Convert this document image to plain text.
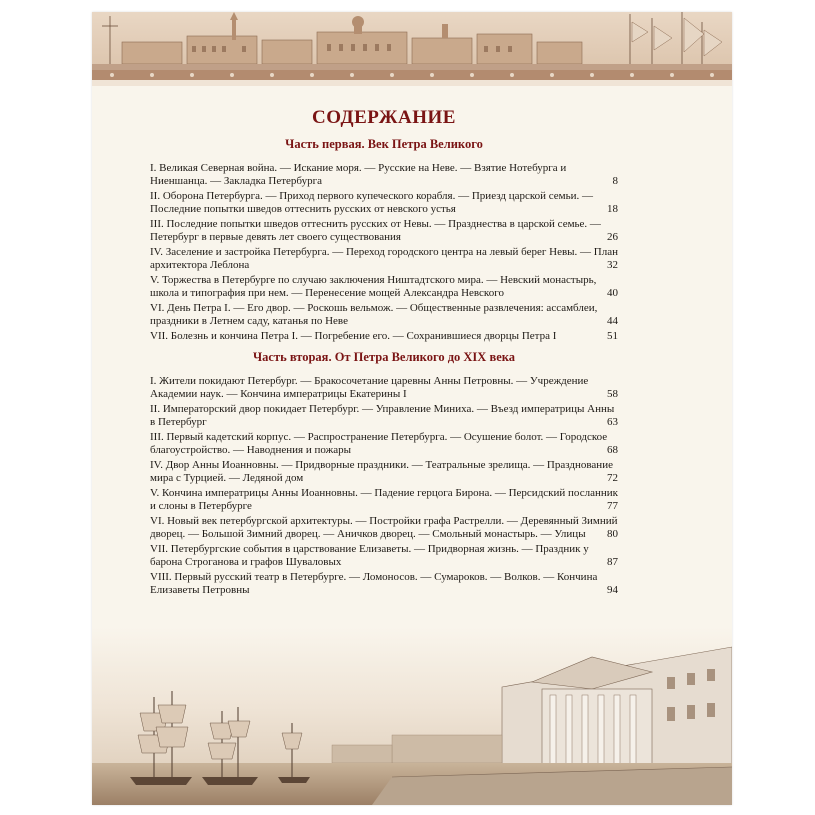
СОДЕРЖАНИЕ
Часть первая. Век Петра Великого
I. Великая Северная война. — Искание моря. — Русские на Неве. — Взятие Нотебурга и Ниеншанца. — Закладка Петербурга	8
II. Оборона Петербурга. — Приход первого купеческого корабля. — Приезд царской семьи. — Последние попытки шведов оттеснить русских от невского устья	18
III. Последние попытки шведов оттеснить русских от Невы. — Празднества в царской семье. — Петербург в первые девять лет своего существования	26
IV. Заселение и застройка Петербурга. — Переход городского центра на левый берег Невы. — План архитектора Леблона	32
V. Торжества в Петербурге по случаю заключения Ништадтского мира. — Невский монастырь, школа и типография при нем. — Перенесение мощей Александра Невского	40
VI. День Петра I. — Его двор. — Роскошь вельмож. — Общественные развлечения: ассамблеи, праздники в Летнем саду, катанья по Неве	44
VII. Болезнь и кончина Петра I. — Погребение его. — Сохранившиеся дворцы Петра I	51
Часть вторая. От Петра Великого до XIX века
I. Жители покидают Петербург. — Бракосочетание царевны Анны Петровны. — Учреждение Академии наук. — Кончина императрицы Екатерины I	58
II. Императорский двор покидает Петербург. — Управление Миниха. — Въезд императрицы Анны в Петербург	63
III. Первый кадетский корпус. — Распространение Петербурга. — Осушение болот. — Городское благоустройство. — Наводнения и пожары	68
IV. Двор Анны Иоанновны. — Придворные праздники. — Театральные зрелища. — Празднование мира с Турцией. — Ледяной дом	72
V. Кончина императрицы Анны Иоанновны. — Падение герцога Бирона. — Персидский посланник и слоны в Петербурге	77
VI. Новый век петербургской архитектуры. — Постройки графа Растрелли. — Деревянный Зимний дворец. — Большой Зимний дворец. — Аничков дворец. — Смольный монастырь. — Улицы	80
VII. Петербургские события в царствование Елизаветы. — Придворная жизнь. — Праздник у барона Строганова и графов Шуваловых	87
VIII. Первый русский театр в Петербурге. — Ломоносов. — Сумароков. — Волков. — Кончина Елизаветы Петровны	94
